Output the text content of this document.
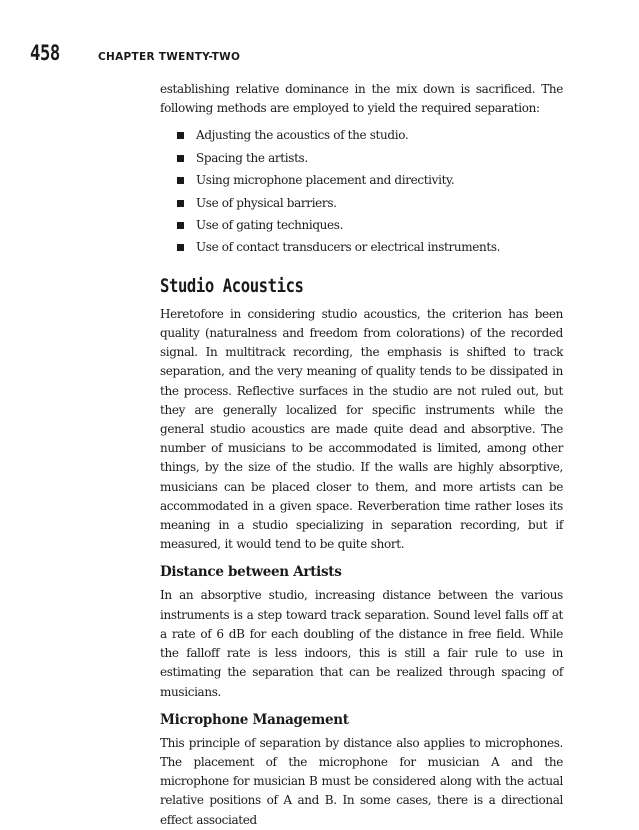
458	CHAPTER TWENTY-TWO

establishing relative dominance in the mix down is sacrificed. The following methods are employed to yield the required separation:

Adjusting the acoustics of the studio.
Spacing the artists.
Using microphone placement and directivity.
Use of physical barriers.
Use of gating techniques.
Use of contact transducers or electrical instruments.
Studio Acoustics

Heretofore in considering studio acoustics, the criterion has been quality (naturalness and freedom from colorations) of the recorded signal. In multitrack recording, the emphasis is shifted to track separation, and the very meaning of quality tends to be dissipated in the process. Reflective surfaces in the studio are not ruled out, but they are generally localized for specific instruments while the general studio acoustics are made quite dead and absorptive. The number of musicians to be accommodated is limited, among other things, by the size of the studio. If the walls are highly absorptive, musicians can be placed closer to them, and more artists can be accommodated in a given space. Reverberation time rather loses its meaning in a studio specializing in separation recording, but if measured, it would tend to be quite short.

Distance between Artists

In an absorptive studio, increasing distance between the various instruments is a step toward track separation. Sound level falls off at a rate of 6 dB for each doubling of the distance in free field. While the falloff rate is less indoors, this is still a fair rule to use in estimating the separation that can be realized through spacing of musicians.

Microphone Management

This principle of separation by distance also applies to microphones. The placement of the microphone for musician A and the microphone for musician B must be considered along with the actual relative positions of A and B. In some cases, there is a directional effect associated
